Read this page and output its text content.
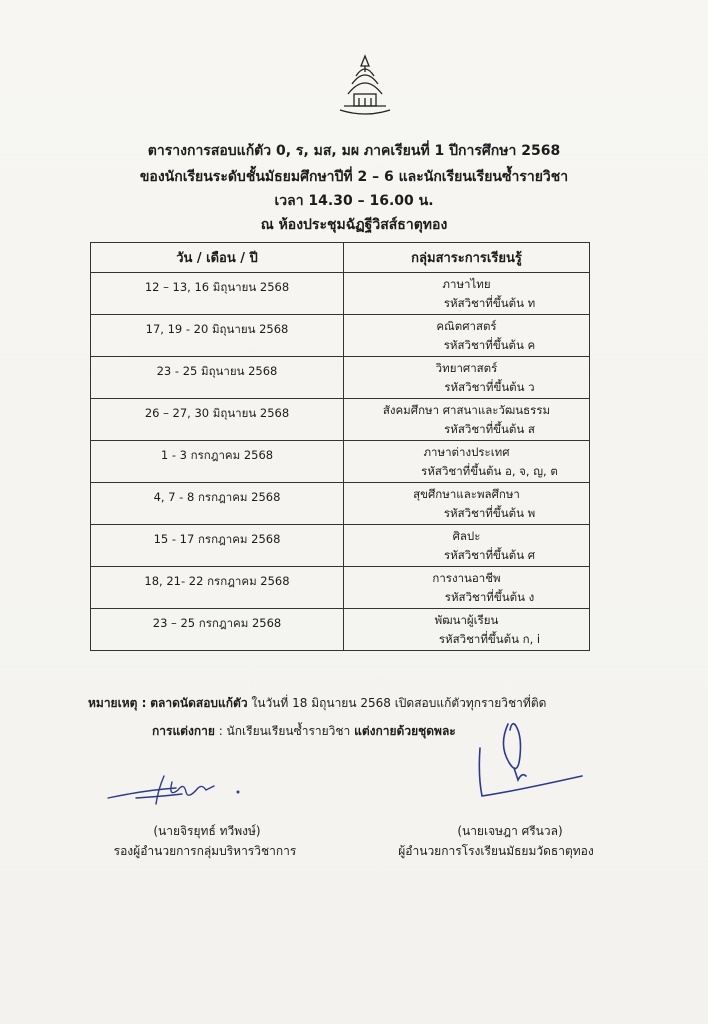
ตารางการสอบแก้ตัว 0, ร, มส, มผ ภาคเรียนที่ 1 ปีการศึกษา 2568
ของนักเรียนระดับชั้นมัธยมศึกษาปีที่ 2 – 6 และนักเรียนเรียนซ้ำรายวิชา
เวลา 14.30 – 16.00 น.
ณ ห้องประชุมฉัฏฐีวิสส์ธาตุทอง
วัน / เดือน / ปี	กลุ่มสาระการเรียนรู้

12 – 13, 16 มิถุนายน 2568	ภาษาไทย
รหัสวิชาที่ขึ้นต้น ท

17, 19 - 20 มิถุนายน 2568	คณิตศาสตร์
รหัสวิชาที่ขึ้นต้น ค

23 - 25 มิถุนายน 2568	วิทยาศาสตร์
รหัสวิชาที่ขึ้นต้น ว

26 – 27, 30 มิถุนายน 2568	สังคมศึกษา ศาสนาและวัฒนธรรม
รหัสวิชาที่ขึ้นต้น ส

1 - 3 กรกฎาคม 2568	ภาษาต่างประเทศ
รหัสวิชาที่ขึ้นต้น อ, จ, ญ, ต

4, 7 - 8 กรกฎาคม 2568	สุขศึกษาและพลศึกษา
รหัสวิชาที่ขึ้นต้น พ

15 - 17 กรกฎาคม 2568	ศิลปะ
รหัสวิชาที่ขึ้นต้น ศ

18, 21- 22 กรกฎาคม 2568	การงานอาชีพ
รหัสวิชาที่ขึ้นต้น ง

23 – 25 กรกฎาคม 2568	พัฒนาผู้เรียน
รหัสวิชาที่ขึ้นต้น ก, i
หมายเหตุ : ตลาดนัดสอบแก้ตัว ในวันที่ 18 มิถุนายน 2568 เปิดสอบแก้ตัวทุกรายวิชาที่ติด
การแต่งกาย : นักเรียนเรียนซ้ำรายวิชา แต่งกายด้วยชุดพละ
(นายจิรยุทธ์ ทวีพงษ์)
รองผู้อำนวยการกลุ่มบริหารวิชาการ
(นายเจษฎา ศรีนวล)
ผู้อำนวยการโรงเรียนมัธยมวัดธาตุทอง
